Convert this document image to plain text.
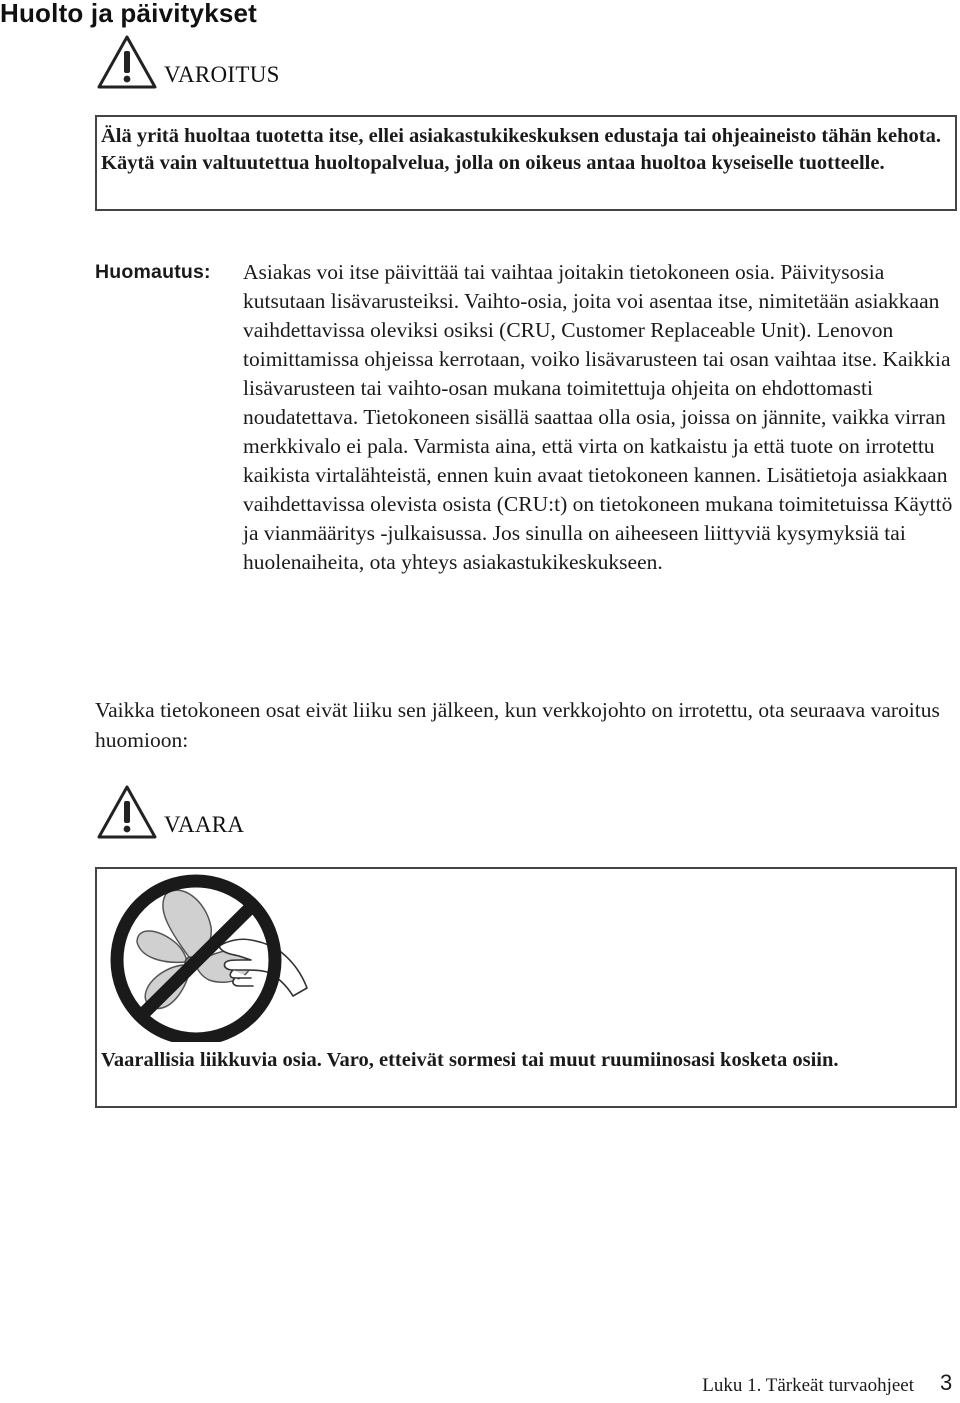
Huolto ja päivitykset
VAROITUS
Älä yritä huoltaa tuotetta itse, ellei asiakastukikeskuksen edustaja tai ohjeaineisto tähän kehota. Käytä vain valtuutettua huoltopalvelua, jolla on oikeus antaa huoltoa kyseiselle tuotteelle.
Huomautus: Asiakas voi itse päivittää tai vaihtaa joitakin tietokoneen osia. Päivitysosia kutsutaan lisävarusteiksi. Vaihto-osia, joita voi asentaa itse, nimitetään asiakkaan vaihdettavissa oleviksi osiksi (CRU, Customer Replaceable Unit). Lenovon toimittamissa ohjeissa kerrotaan, voiko lisävarusteen tai osan vaihtaa itse. Kaikkia lisävarusteen tai vaihto-osan mukana toimitettuja ohjeita on ehdottomasti noudatettava. Tietokoneen sisällä saattaa olla osia, joissa on jännite, vaikka virran merkkivalo ei pala. Varmista aina, että virta on katkaistu ja että tuote on irrotettu kaikista virtalähteistä, ennen kuin avaat tietokoneen kannen. Lisätietoja asiakkaan vaihdettavissa olevista osista (CRU:t) on tietokoneen mukana toimitetuissa Käyttö ja vianmääritys -julkaisussa. Jos sinulla on aiheeseen liittyviä kysymyksiä tai huolenaiheita, ota yhteys asiakastukikeskukseen.
Vaikka tietokoneen osat eivät liiku sen jälkeen, kun verkkojohto on irrotettu, ota seuraava varoitus huomioon:
VAARA
Vaarallisia liikkuvia osia. Varo, etteivät sormesi tai muut ruumiinosasi kosketa osiin.
Luku 1. Tärkeät turvaohjeet 3
